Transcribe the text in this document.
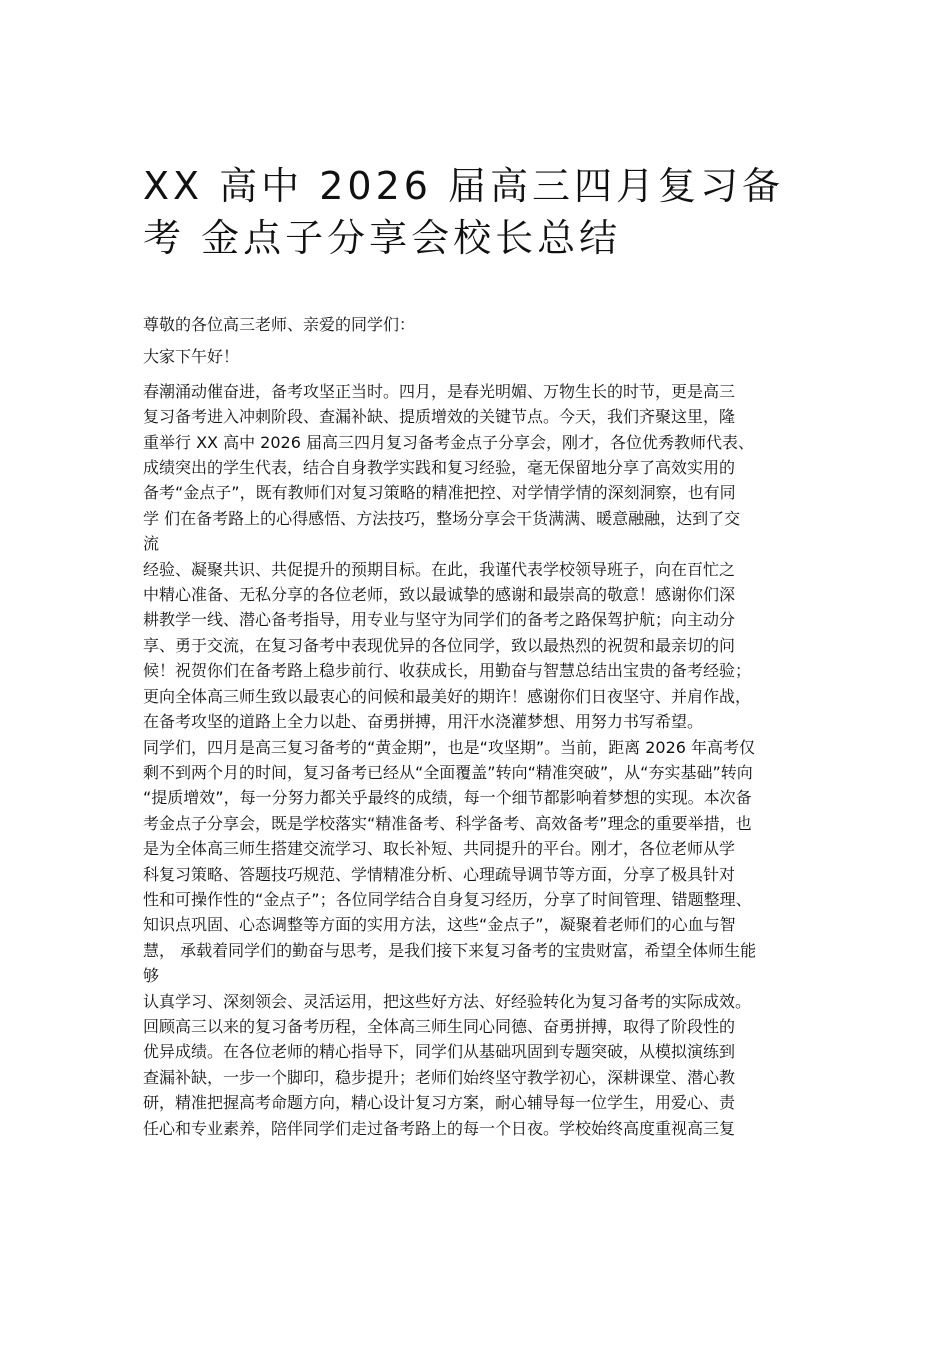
XX 高中 2026 届高三四月复习备
考 金点子分享会校长总结
尊敬的各位高三老师、亲爱的同学们：
大家下午好！
春潮涌动催奋进，备考攻坚正当时。四月，是春光明媚、万物生长的时节，更是高三
复习备考进入冲刺阶段、查漏补缺、提质增效的关键节点。今天，我们齐聚这里，隆
重举行 XX 高中 2026 届高三四月复习备考金点子分享会，刚才，各位优秀教师代表、
成绩突出的学生代表，结合自身教学实践和复习经验，毫无保留地分享了高效实用的
备考“金点子”，既有教师们对复习策略的精准把控、对学情学情的深刻洞察，也有同
学 们在备考路上的心得感悟、方法技巧，整场分享会干货满满、暖意融融，达到了交
流
经验、凝聚共识、共促提升的预期目标。在此，我谨代表学校领导班子，向在百忙之
中精心准备、无私分享的各位老师，致以最诚挚的感谢和最崇高的敬意！感谢你们深
耕教学一线、潜心备考指导，用专业与坚守为同学们的备考之路保驾护航；向主动分
享、勇于交流，在复习备考中表现优异的各位同学，致以最热烈的祝贺和最亲切的问
候！祝贺你们在备考路上稳步前行、收获成长，用勤奋与智慧总结出宝贵的备考经验；
更向全体高三师生致以最衷心的问候和最美好的期许！感谢你们日夜坚守、并肩作战，
在备考攻坚的道路上全力以赴、奋勇拼搏，用汗水浇灌梦想、用努力书写希望。
同学们，四月是高三复习备考的“黄金期”，也是“攻坚期”。当前，距离 2026 年高考仅
剩不到两个月的时间，复习备考已经从“全面覆盖”转向“精准突破”，从“夯实基础”转向
“提质增效”，每一分努力都关乎最终的成绩，每一个细节都影响着梦想的实现。本次备
考金点子分享会，既是学校落实“精准备考、科学备考、高效备考”理念的重要举措，也
是为全体高三师生搭建交流学习、取长补短、共同提升的平台。刚才，各位老师从学
科复习策略、答题技巧规范、学情精准分析、心理疏导调节等方面，分享了极具针对
性和可操作性的“金点子”；各位同学结合自身复习经历，分享了时间管理、错题整理、
知识点巩固、心态调整等方面的实用方法，这些“金点子”，凝聚着老师们的心血与智
慧， 承载着同学们的勤奋与思考，是我们接下来复习备考的宝贵财富，希望全体师生能
够
认真学习、深刻领会、灵活运用，把这些好方法、好经验转化为复习备考的实际成效。
回顾高三以来的复习备考历程，全体高三师生同心同德、奋勇拼搏，取得了阶段性的
优异成绩。在各位老师的精心指导下，同学们从基础巩固到专题突破，从模拟演练到
查漏补缺，一步一个脚印，稳步提升；老师们始终坚守教学初心，深耕课堂、潜心教
研，精准把握高考命题方向，精心设计复习方案，耐心辅导每一位学生，用爱心、责
任心和专业素养，陪伴同学们走过备考路上的每一个日夜。学校始终高度重视高三复
